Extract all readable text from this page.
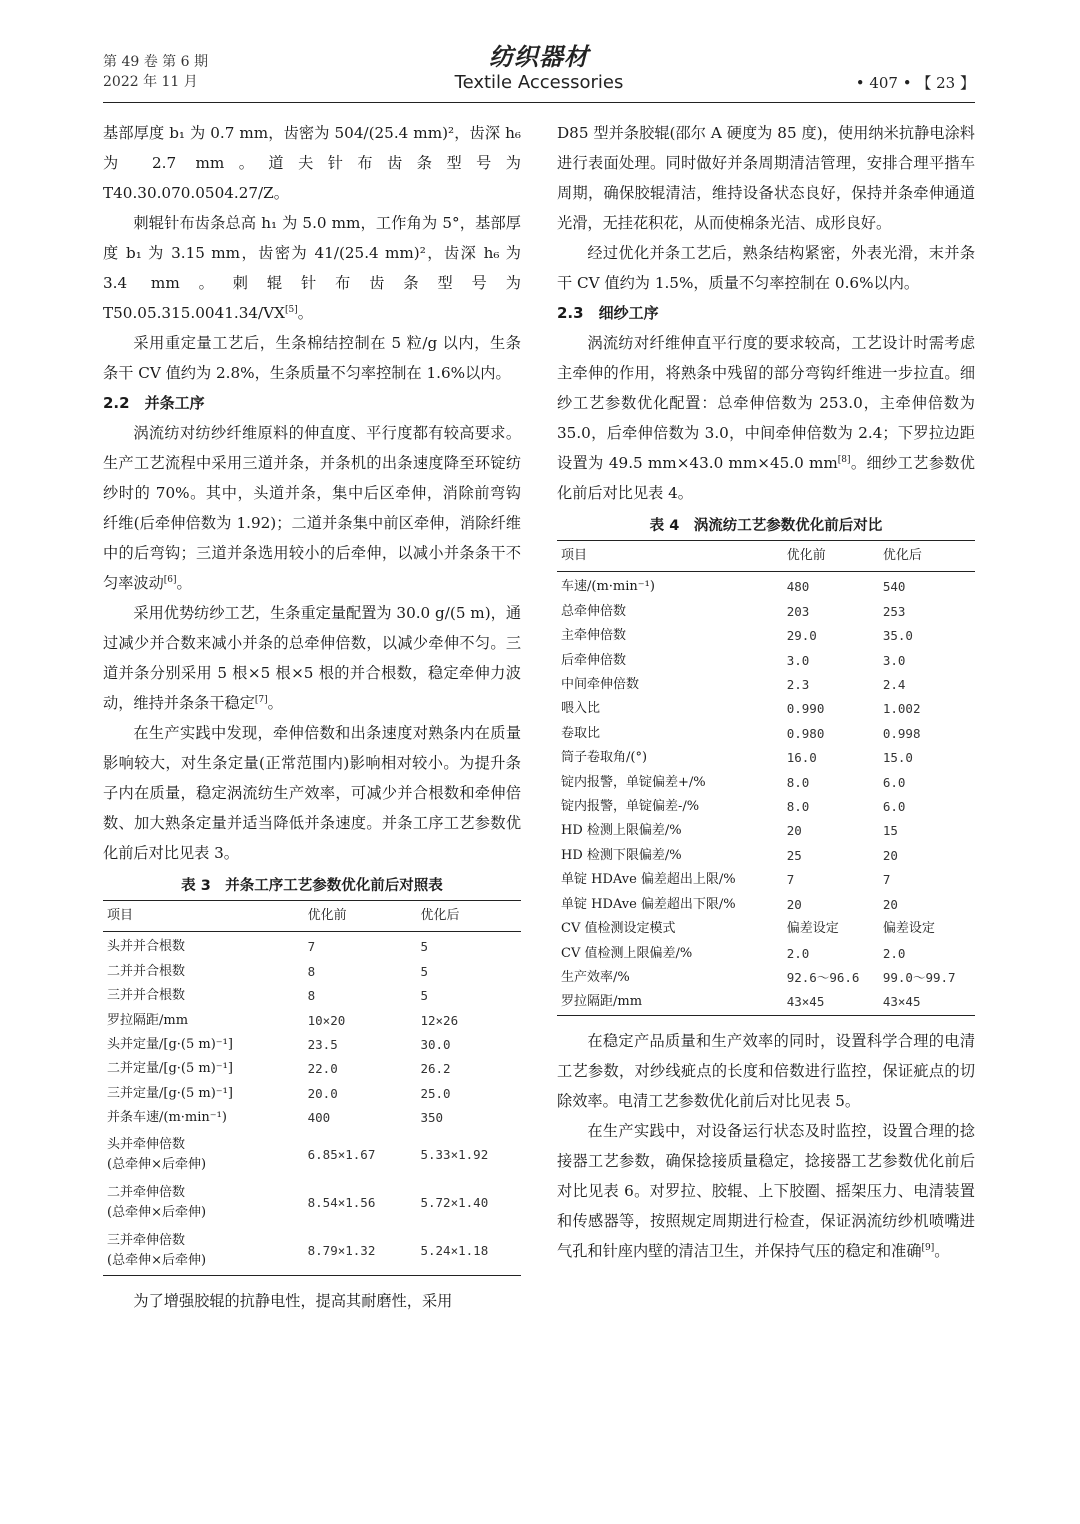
第 49 卷 第 6 期
2022 年 11 月
纺织器材
Textile Accessories	• 407 • 【 23 】

基部厚度 b₁ 为 0.7 mm，齿密为 504/(25.4 mm)²，齿深 h₆ 为 2.7 mm。道夫针布齿条型号为 T40.30.070.0504.27/Z。

刺辊针布齿条总高 h₁ 为 5.0 mm，工作角为 5°，基部厚度 b₁ 为 3.15 mm，齿密为 41/(25.4 mm)²，齿深 h₆ 为 3.4 mm。刺辊针布齿条型号为 T50.05.315.0041.34/VX[5]。

采用重定量工艺后，生条棉结控制在 5 粒/g 以内，生条条干 CV 值约为 2.8%，生条质量不匀率控制在 1.6%以内。

2.2　并条工序

涡流纺对纺纱纤维原料的伸直度、平行度都有较高要求。生产工艺流程中采用三道并条，并条机的出条速度降至环锭纺纱时的 70%。其中，头道并条，集中后区牵伸，消除前弯钩纤维(后牵伸倍数为 1.92)；二道并条集中前区牵伸，消除纤维中的后弯钩；三道并条选用较小的后牵伸，以减小并条条干不匀率波动[6]。

采用优势纺纱工艺，生条重定量配置为 30.0 g/(5 m)，通过减少并合数来减小并条的总牵伸倍数，以减少牵伸不匀。三道并条分别采用 5 根×5 根×5 根的并合根数，稳定牵伸力波动，维持并条条干稳定[7]。

在生产实践中发现，牵伸倍数和出条速度对熟条内在质量影响较大，对生条定量(正常范围内)影响相对较小。为提升条子内在质量，稳定涡流纺生产效率，可减少并合根数和牵伸倍数、加大熟条定量并适当降低并条速度。并条工序工艺参数优化前后对比见表 3。

表 3　并条工序工艺参数优化前后对照表
项目	优化前	优化后
头并并合根数	7	5
二并并合根数	8	5
三并并合根数	8	5
罗拉隔距/mm	10×20	12×26
头并定量/[g·(5 m)⁻¹]	23.5	30.0
二并定量/[g·(5 m)⁻¹]	22.0	26.2
三并定量/[g·(5 m)⁻¹]	20.0	25.0
并条车速/(m·min⁻¹)	400	350
头并牵伸倍数
(总牵伸×后牵伸)	6.85×1.67	5.33×1.92
二并牵伸倍数
(总牵伸×后牵伸)	8.54×1.56	5.72×1.40
三并牵伸倍数
(总牵伸×后牵伸)	8.79×1.32	5.24×1.18

为了增强胶辊的抗静电性，提高其耐磨性，采用

D85 型并条胶辊(邵尔 A 硬度为 85 度)，使用纳米抗静电涂料进行表面处理。同时做好并条周期清洁管理，安排合理平揩车周期，确保胶辊清洁，维持设备状态良好，保持并条牵伸通道光滑，无挂花积花，从而使棉条光洁、成形良好。

经过优化并条工艺后，熟条结构紧密，外表光滑，末并条干 CV 值约为 1.5%，质量不匀率控制在 0.6%以内。

2.3　细纱工序

涡流纺对纤维伸直平行度的要求较高，工艺设计时需考虑主牵伸的作用，将熟条中残留的部分弯钩纤维进一步拉直。细纱工艺参数优化配置：总牵伸倍数为 253.0，主牵伸倍数为 35.0，后牵伸倍数为 3.0，中间牵伸倍数为 2.4；下罗拉边距设置为 49.5 mm×43.0 mm×45.0 mm[8]。细纱工艺参数优化前后对比见表 4。

表 4　涡流纺工艺参数优化前后对比
项目	优化前	优化后
车速/(m·min⁻¹)	480	540
总牵伸倍数	203	253
主牵伸倍数	29.0	35.0
后牵伸倍数	3.0	3.0
中间牵伸倍数	2.3	2.4
喂入比	0.990	1.002
卷取比	0.980	0.998
筒子卷取角/(°)	16.0	15.0
锭内报警，单锭偏差+/%	8.0	6.0
锭内报警，单锭偏差-/%	8.0	6.0
HD 检测上限偏差/%	20	15
HD 检测下限偏差/%	25	20
单锭 HDAve 偏差超出上限/%	7	7
单锭 HDAve 偏差超出下限/%	20	20
CV 值检测设定模式	偏差设定	偏差设定
CV 值检测上限偏差/%	2.0	2.0
生产效率/%	92.6～96.6	99.0～99.7
罗拉隔距/mm	43×45	43×45

在稳定产品质量和生产效率的同时，设置科学合理的电清工艺参数，对纱线疵点的长度和倍数进行监控，保证疵点的切除效率。电清工艺参数优化前后对比见表 5。

在生产实践中，对设备运行状态及时监控，设置合理的捻接器工艺参数，确保捻接质量稳定，捻接器工艺参数优化前后对比见表 6。对罗拉、胶辊、上下胶圈、摇架压力、电清装置和传感器等，按照规定周期进行检查，保证涡流纺纱机喷嘴进气孔和针座内壁的清洁卫生，并保持气压的稳定和准确[9]。
